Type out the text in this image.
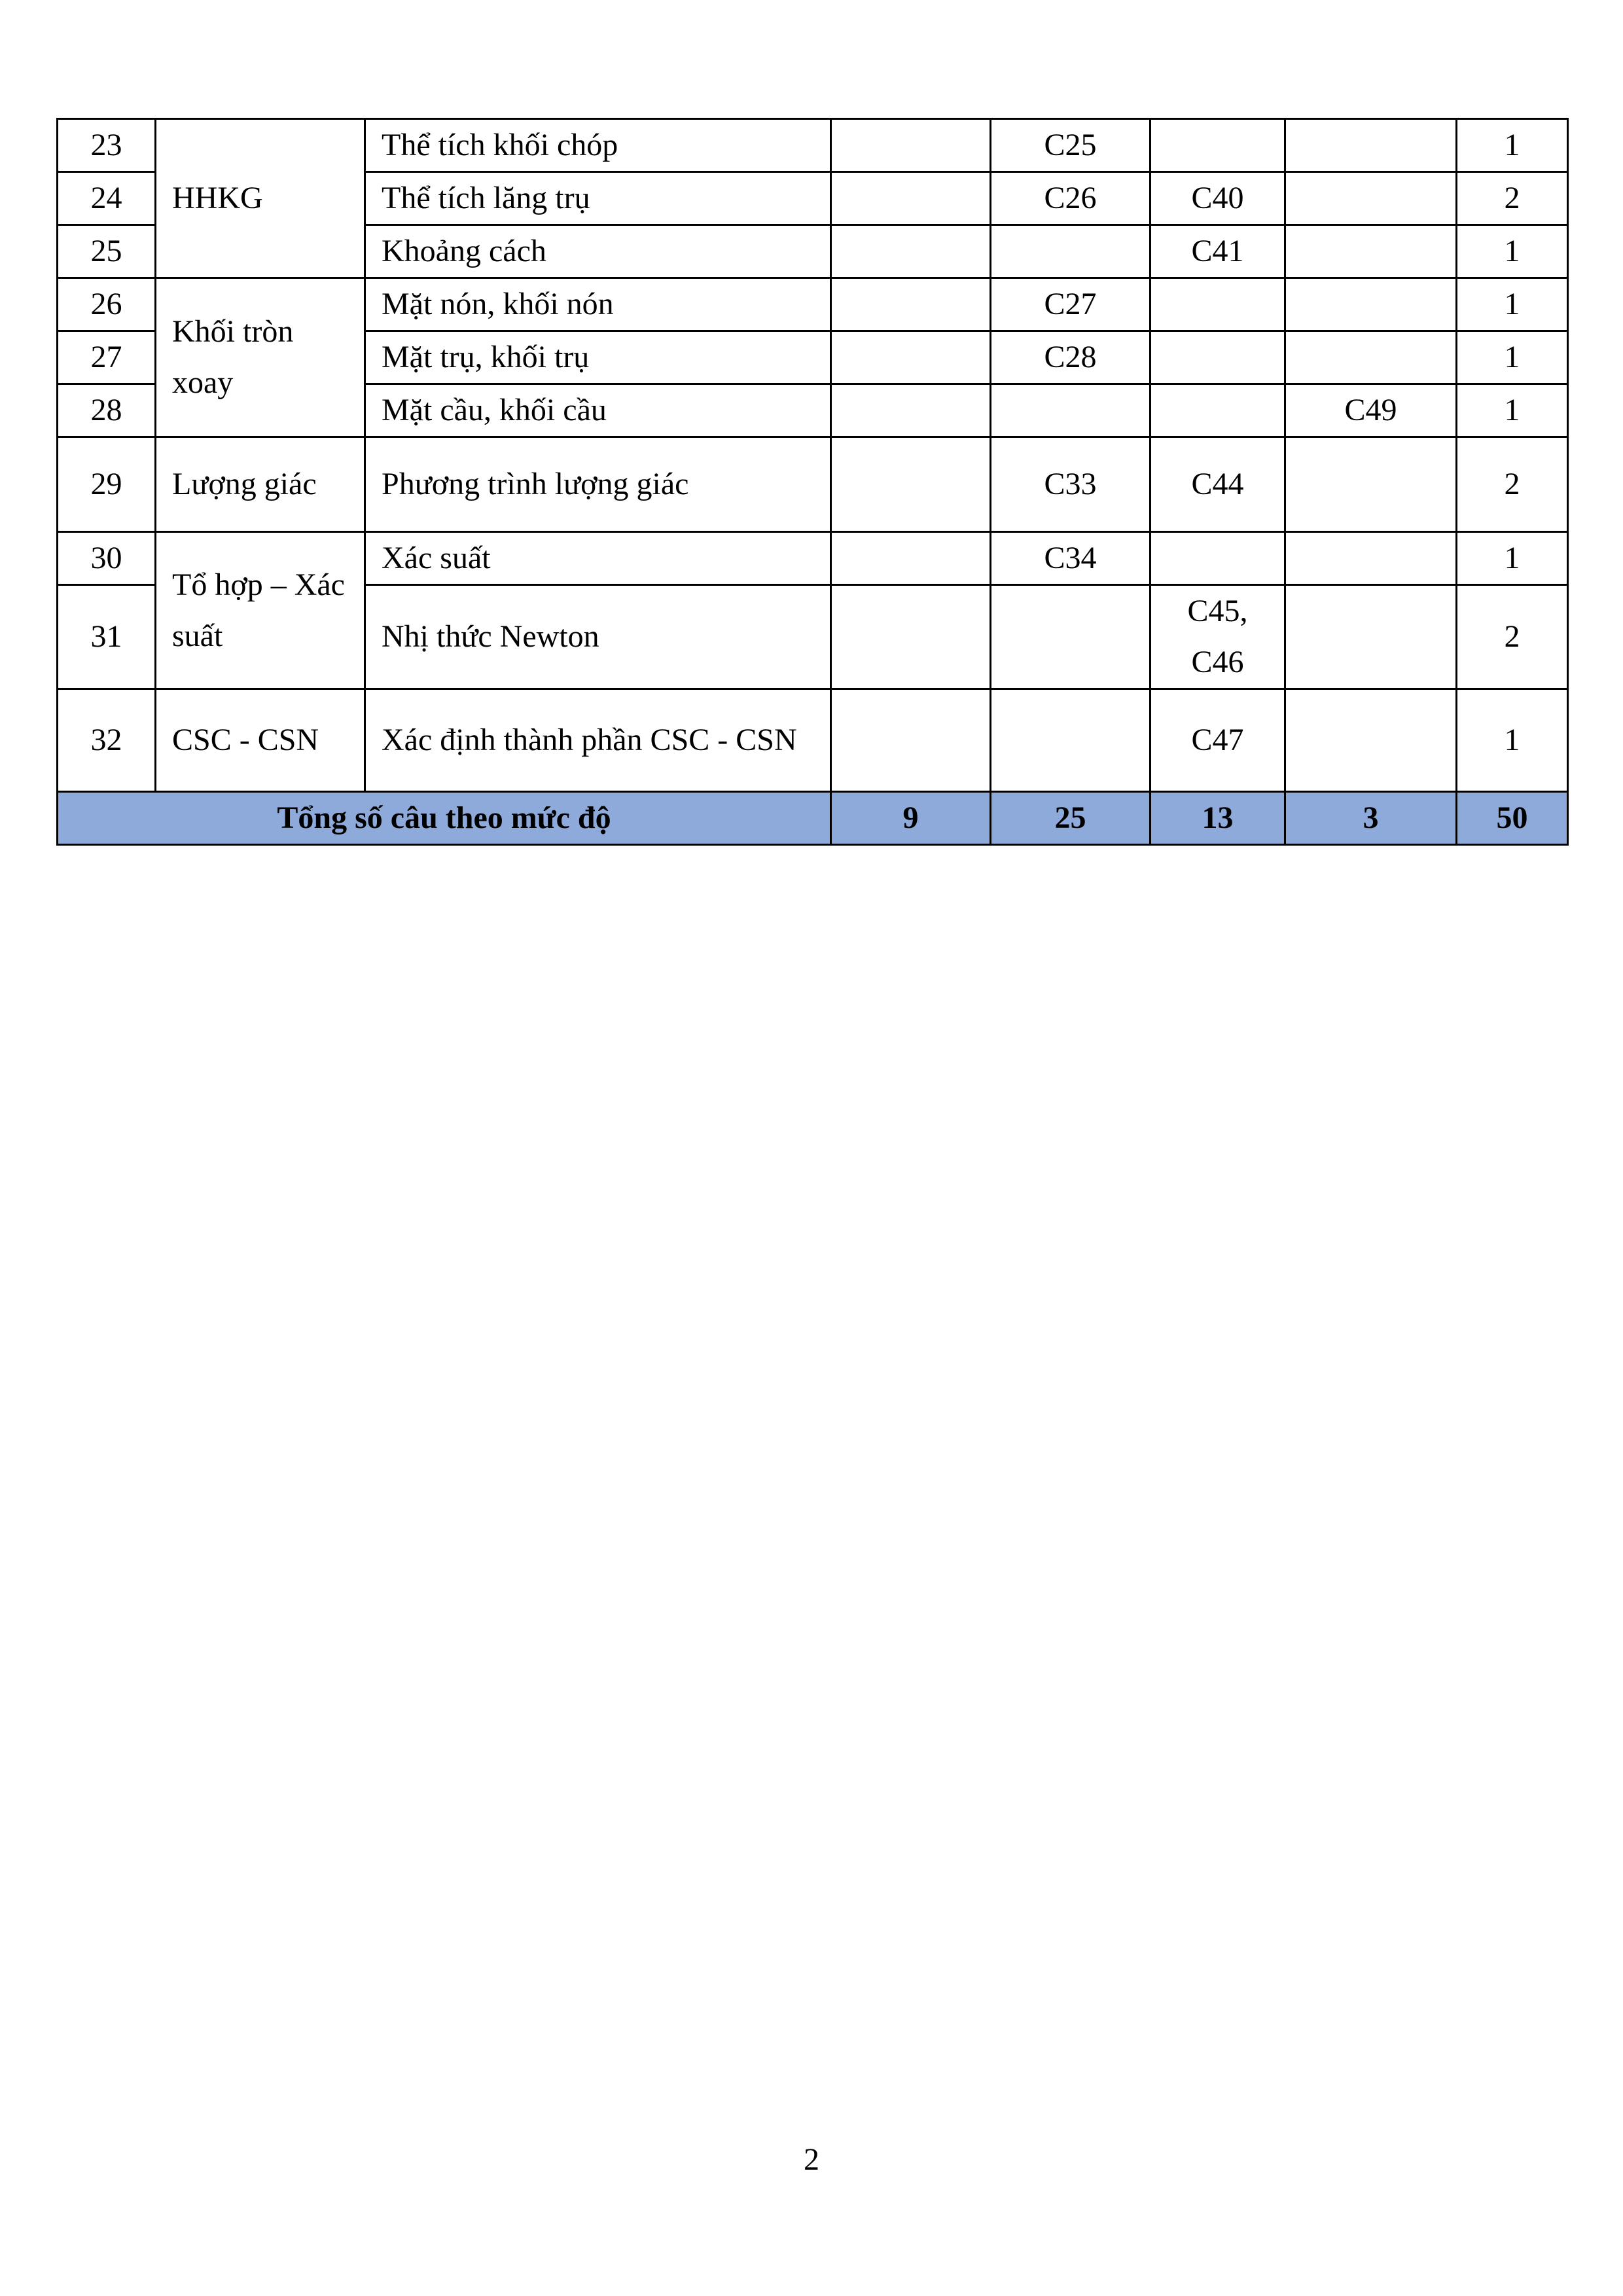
23	HHKG	Thể tích khối chóp		C25			1
24		Thể tích lăng trụ		C26	C40		2
25		Khoảng cách			C41		1
26	Khối tròn xoay	Mặt nón, khối nón		C27			1
27		Mặt trụ, khối trụ		C28			1
28		Mặt cầu, khối cầu				C49	1
29	Lượng giác	Phương trình lượng giác		C33	C44		2
30	Tổ hợp – Xác suất	Xác suất		C34			1
31		Nhị thức Newton			C45, C46		2
32	CSC - CSN	Xác định thành phần CSC - CSN			C47		1
Tổng số câu theo mức độ			9	25	13	3	50
2
